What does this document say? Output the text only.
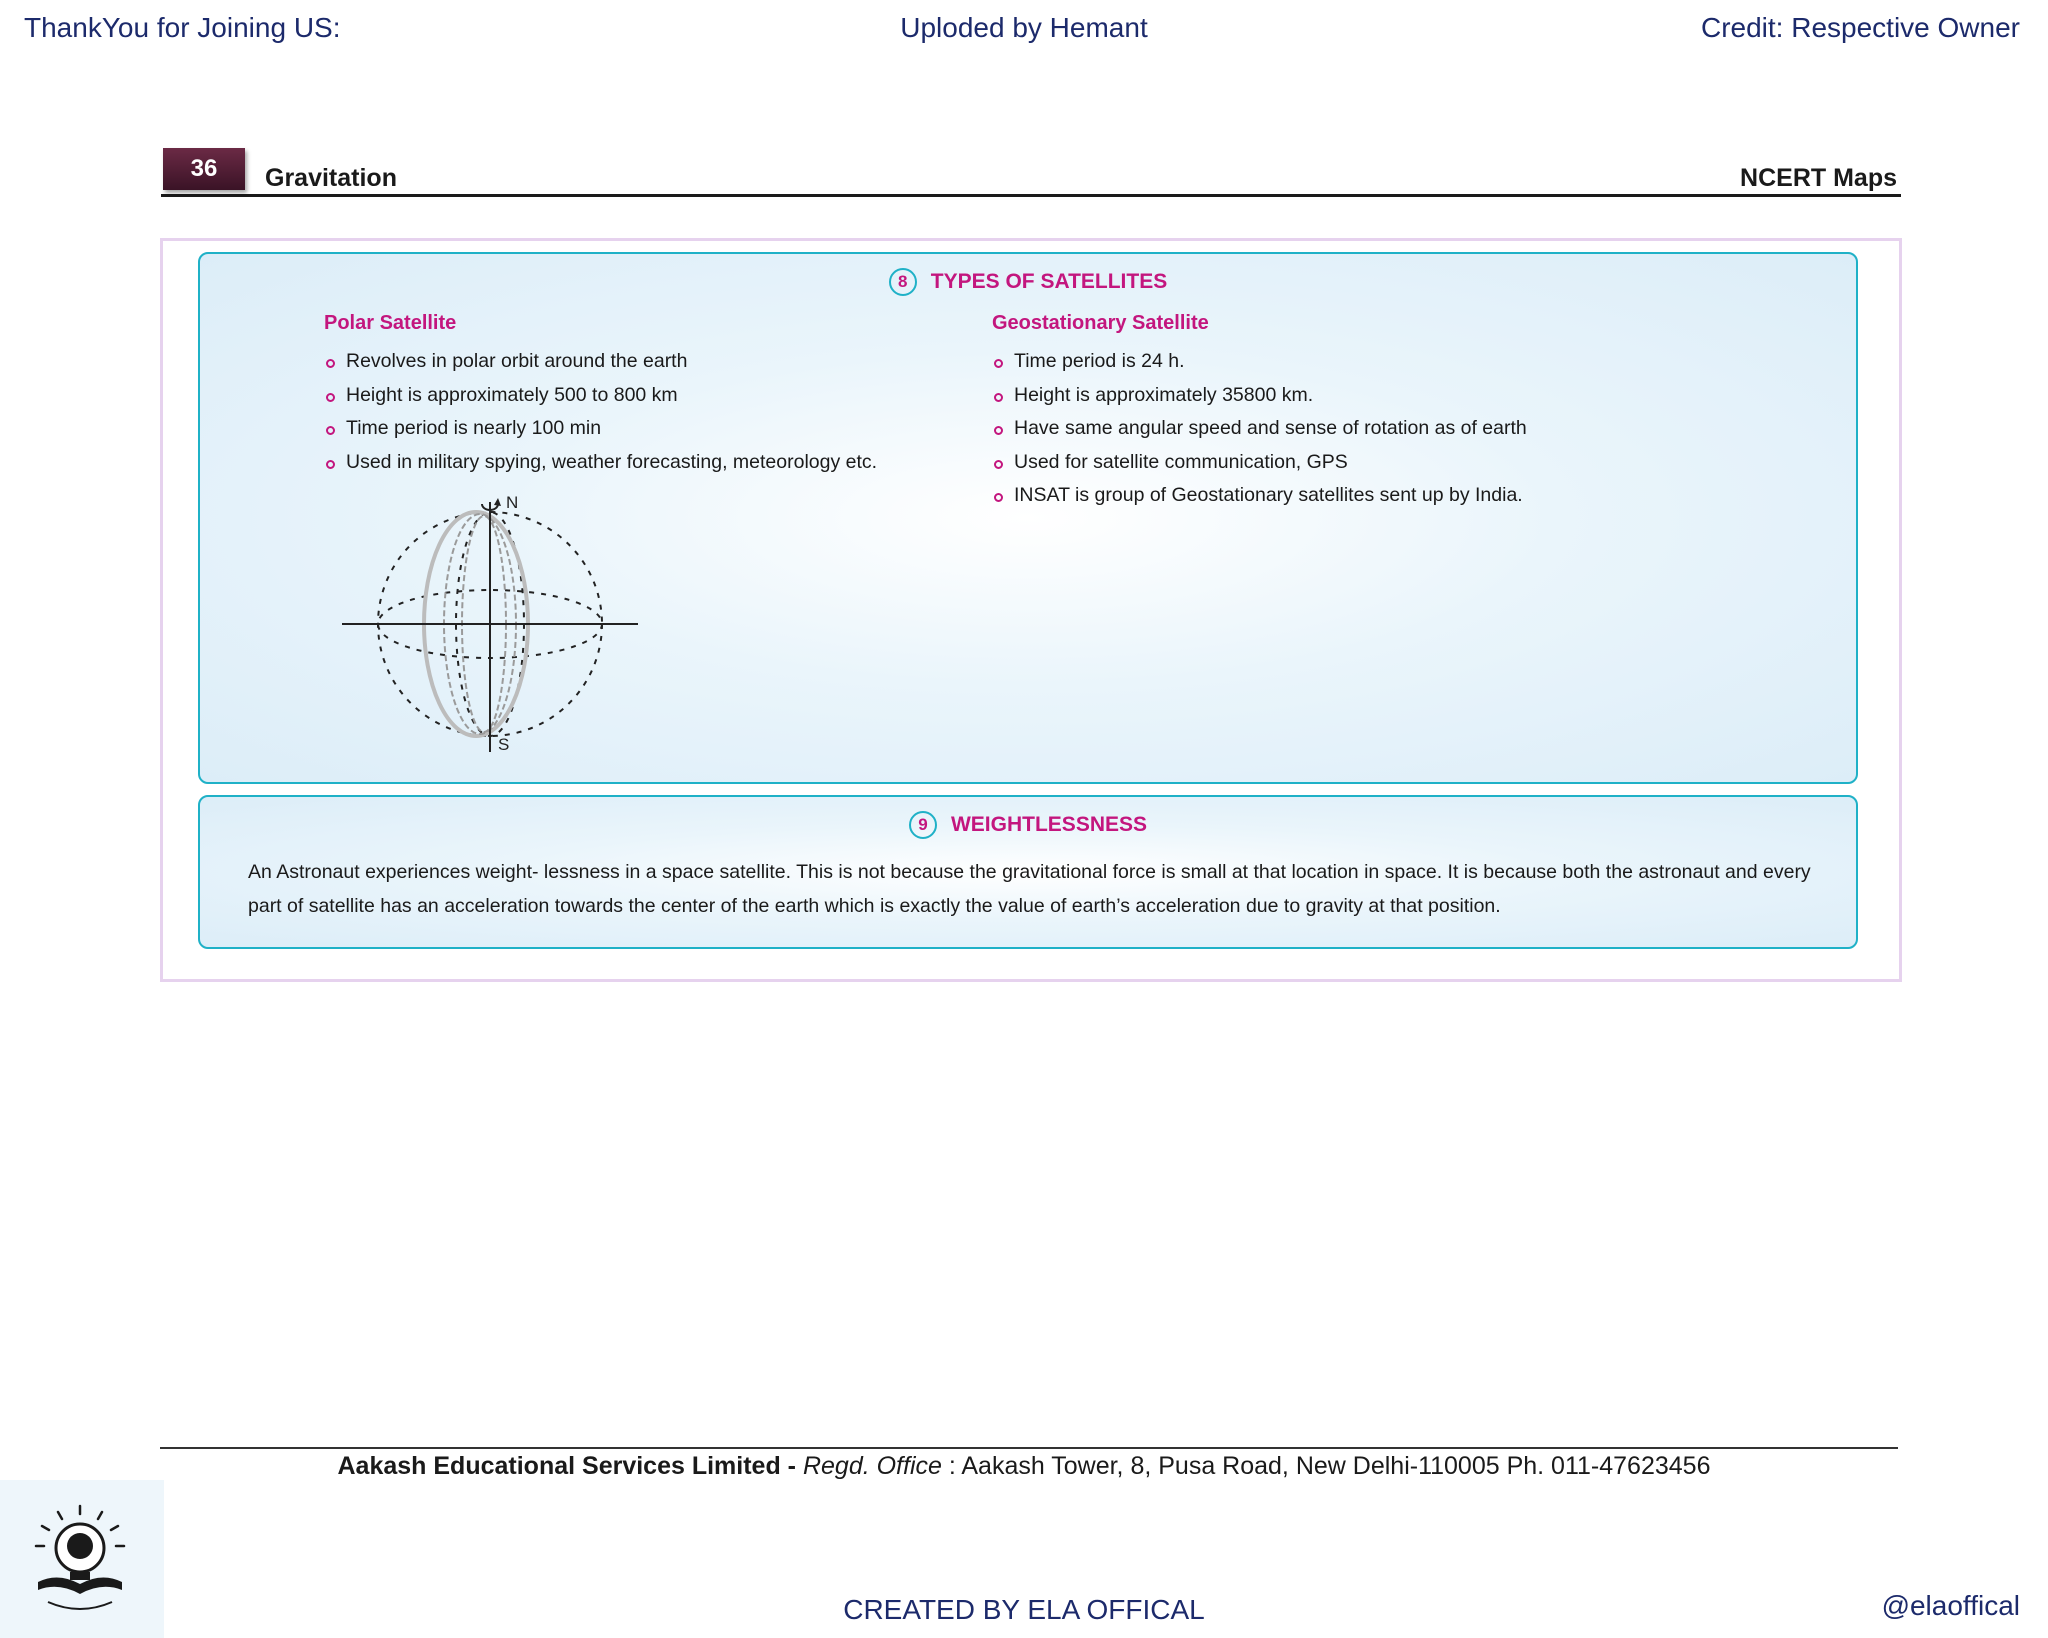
ThankYou for Joining US:	Uploded by Hemant	Credit: Respective Owner
36	Gravitation	NCERT Maps
8 TYPES OF SATELLITES
Polar Satellite
Revolves in polar orbit around the earth
Height is approximately 500 to 800 km
Time period is nearly 100 min
Used in military spying, weather forecasting, meteorology etc.
Geostationary Satellite
Time period is 24 h.
Height is approximately 35800 km.
Have same angular speed and sense of rotation as of earth
Used for satellite communication, GPS
INSAT is group of Geostationary satellites sent up by India.
N
S
9 WEIGHTLESSNESS
An Astronaut experiences weight- lessness in a space satellite. This is not because the gravitational force is small at that location in space. It is because both the astronaut and every part of satellite has an acceleration towards the center of the earth which is exactly the value of earth’s acceleration due to gravity at that position.
Aakash Educational Services Limited - Regd. Office : Aakash Tower, 8, Pusa Road, New Delhi-110005 Ph. 011-47623456
CREATED BY ELA OFFICAL	@elaoffical
